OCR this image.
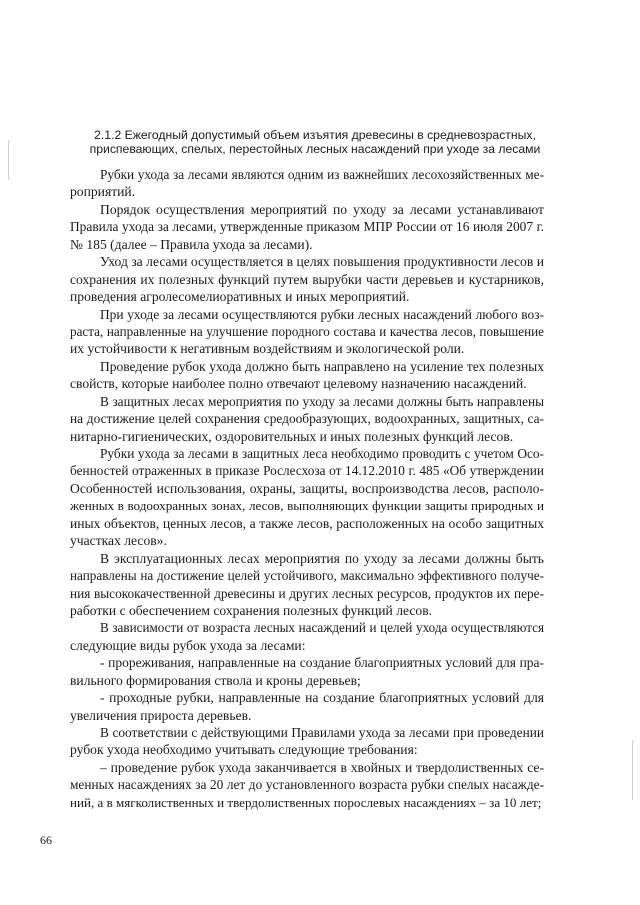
2.1.2 Ежегодный допустимый объем изъятия древесины в средневозрастных,
приспевающих, спелых, перестойных лесных насаждений при уходе за лесами
Рубки ухода за лесами являются одним из важнейших лесохозяйственных ме-
роприятий.
Порядок осуществления мероприятий по уходу за лесами устанавливают
Правила ухода за лесами, утвержденные приказом МПР России от 16 июля 2007 г.
№ 185 (далее – Правила ухода за лесами).
Уход за лесами осуществляется в целях повышения продуктивности лесов и
сохранения их полезных функций путем вырубки части деревьев и кустарников,
проведения агролесомелиоративных и иных мероприятий.
При уходе за лесами осуществляются рубки лесных насаждений любого воз-
раста, направленные на улучшение породного состава и качества лесов, повышение
их устойчивости к негативным воздействиям и экологической роли.
Проведение рубок ухода должно быть направлено на усиление тех полезных
свойств, которые наиболее полно отвечают целевому назначению насаждений.
В защитных лесах мероприятия по уходу за лесами должны быть направлены
на достижение целей сохранения средообразующих, водоохранных, защитных, са-
нитарно-гигиенических, оздоровительных и иных полезных функций лесов.
Рубки ухода за лесами в защитных леса необходимо проводить с учетом Осо-
бенностей отраженных в приказе Рослесхоза от 14.12.2010 г. 485 «Об утверждении
Особенностей использования, охраны, защиты, воспроизводства лесов, располо-
женных в водоохранных зонах, лесов, выполняющих функции защиты природных и
иных объектов, ценных лесов, а также лесов, расположенных на особо защитных
участках лесов».
В эксплуатационных лесах мероприятия по уходу за лесами должны быть
направлены на достижение целей устойчивого, максимально эффективного получе-
ния высококачественной древесины и других лесных ресурсов, продуктов их пере-
работки с обеспечением сохранения полезных функций лесов.
В зависимости от возраста лесных насаждений и целей ухода осуществляются
следующие виды рубок ухода за лесами:
- прореживания, направленные на создание благоприятных условий для пра-
вильного формирования ствола и кроны деревьев;
- проходные рубки, направленные на создание благоприятных условий для
увеличения прироста деревьев.
В соответствии с действующими Правилами ухода за лесами при проведении
рубок ухода необходимо учитывать следующие требования:
– проведение рубок ухода заканчивается в хвойных и твердолиственных се-
менных насаждениях за 20 лет до установленного возраста рубки спелых насажде-
ний, а в мягколиственных и твердолиственных порослевых насаждениях – за 10 лет;
66
